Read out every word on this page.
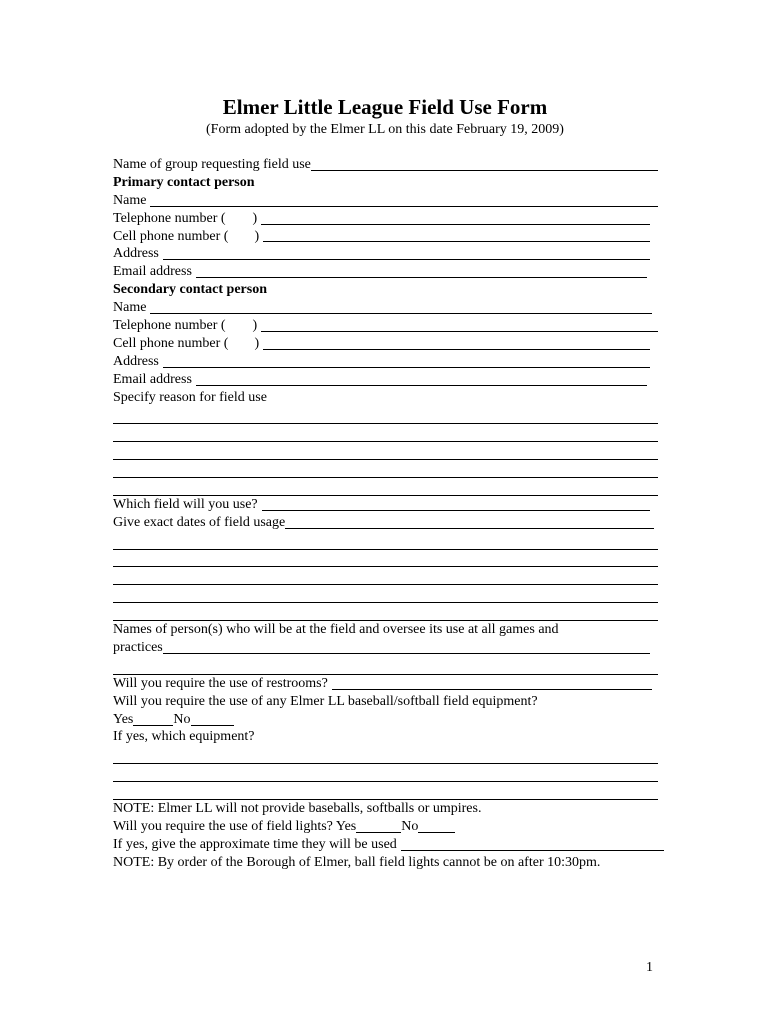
Elmer Little League Field Use Form
(Form adopted by the Elmer LL on this date February 19, 2009)
Name of group requesting field use
Primary contact person
Name
Telephone number ( )
Cell phone number ( )
Address
Email address
Secondary contact person
Name
Telephone number ( )
Cell phone number ( )
Address
Email address
Specify reason for field use
Which field will you use?
Give exact dates of field usage
Names of person(s) who will be at the field and oversee its use at all games and
practices
Will you require the use of restrooms?
Will you require the use of any Elmer LL baseball/softball field equipment?
Yes	No
If yes, which equipment?
NOTE: Elmer LL will not provide baseballs, softballs or umpires.
Will you require the use of field lights? Yes	No
If yes, give the approximate time they will be used
NOTE: By order of the Borough of Elmer, ball field lights cannot be on after 10:30pm.
1
